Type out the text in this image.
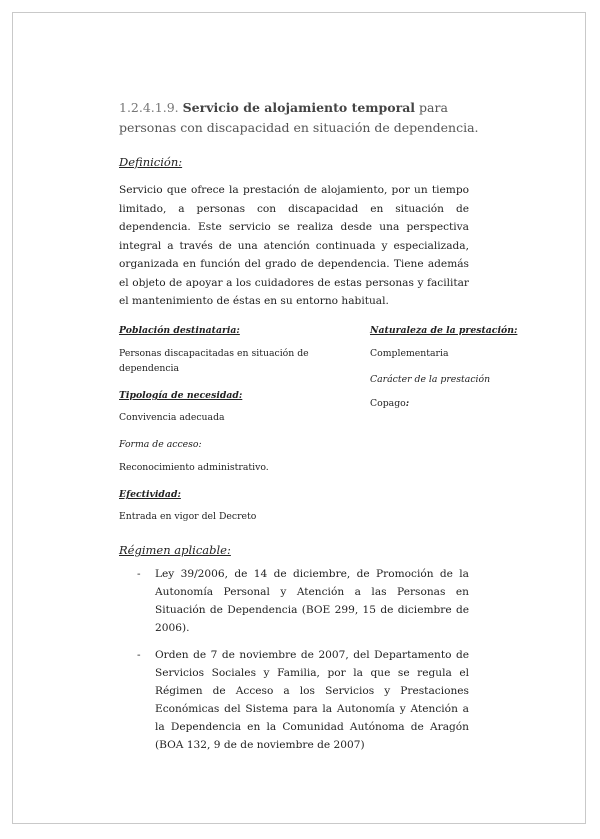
1.2.4.1.9. Servicio de alojamiento temporal para personas con discapacidad en situación de dependencia.
Definición:
Servicio que ofrece la prestación de alojamiento, por un tiempo limitado, a personas con discapacidad en situación de dependencia. Este servicio se realiza desde una perspectiva integral a través de una atención continuada y especializada, organizada en función del grado de dependencia. Tiene además el objeto de apoyar a los cuidadores de estas personas y facilitar el mantenimiento de éstas en su entorno habitual.
Población destinataria:
Personas discapacitadas en situación de dependencia
Tipología de necesidad:
Convivencia adecuada
Forma de acceso:
Reconocimiento administrativo.
Efectividad:
Entrada en vigor del Decreto
Naturaleza de la prestación:
Complementaria
Carácter de la prestación
Copago:
Régimen aplicable:
- Ley 39/2006, de 14 de diciembre, de Promoción de la Autonomía Personal y Atención a las Personas en Situación de Dependencia (BOE 299, 15 de diciembre de 2006).
- Orden de 7 de noviembre de 2007, del Departamento de Servicios Sociales y Familia, por la que se regula el Régimen de Acceso a los Servicios y Prestaciones Económicas del Sistema para la Autonomía y Atención a la Dependencia en la Comunidad Autónoma de Aragón (BOA 132, 9 de de noviembre de 2007)
